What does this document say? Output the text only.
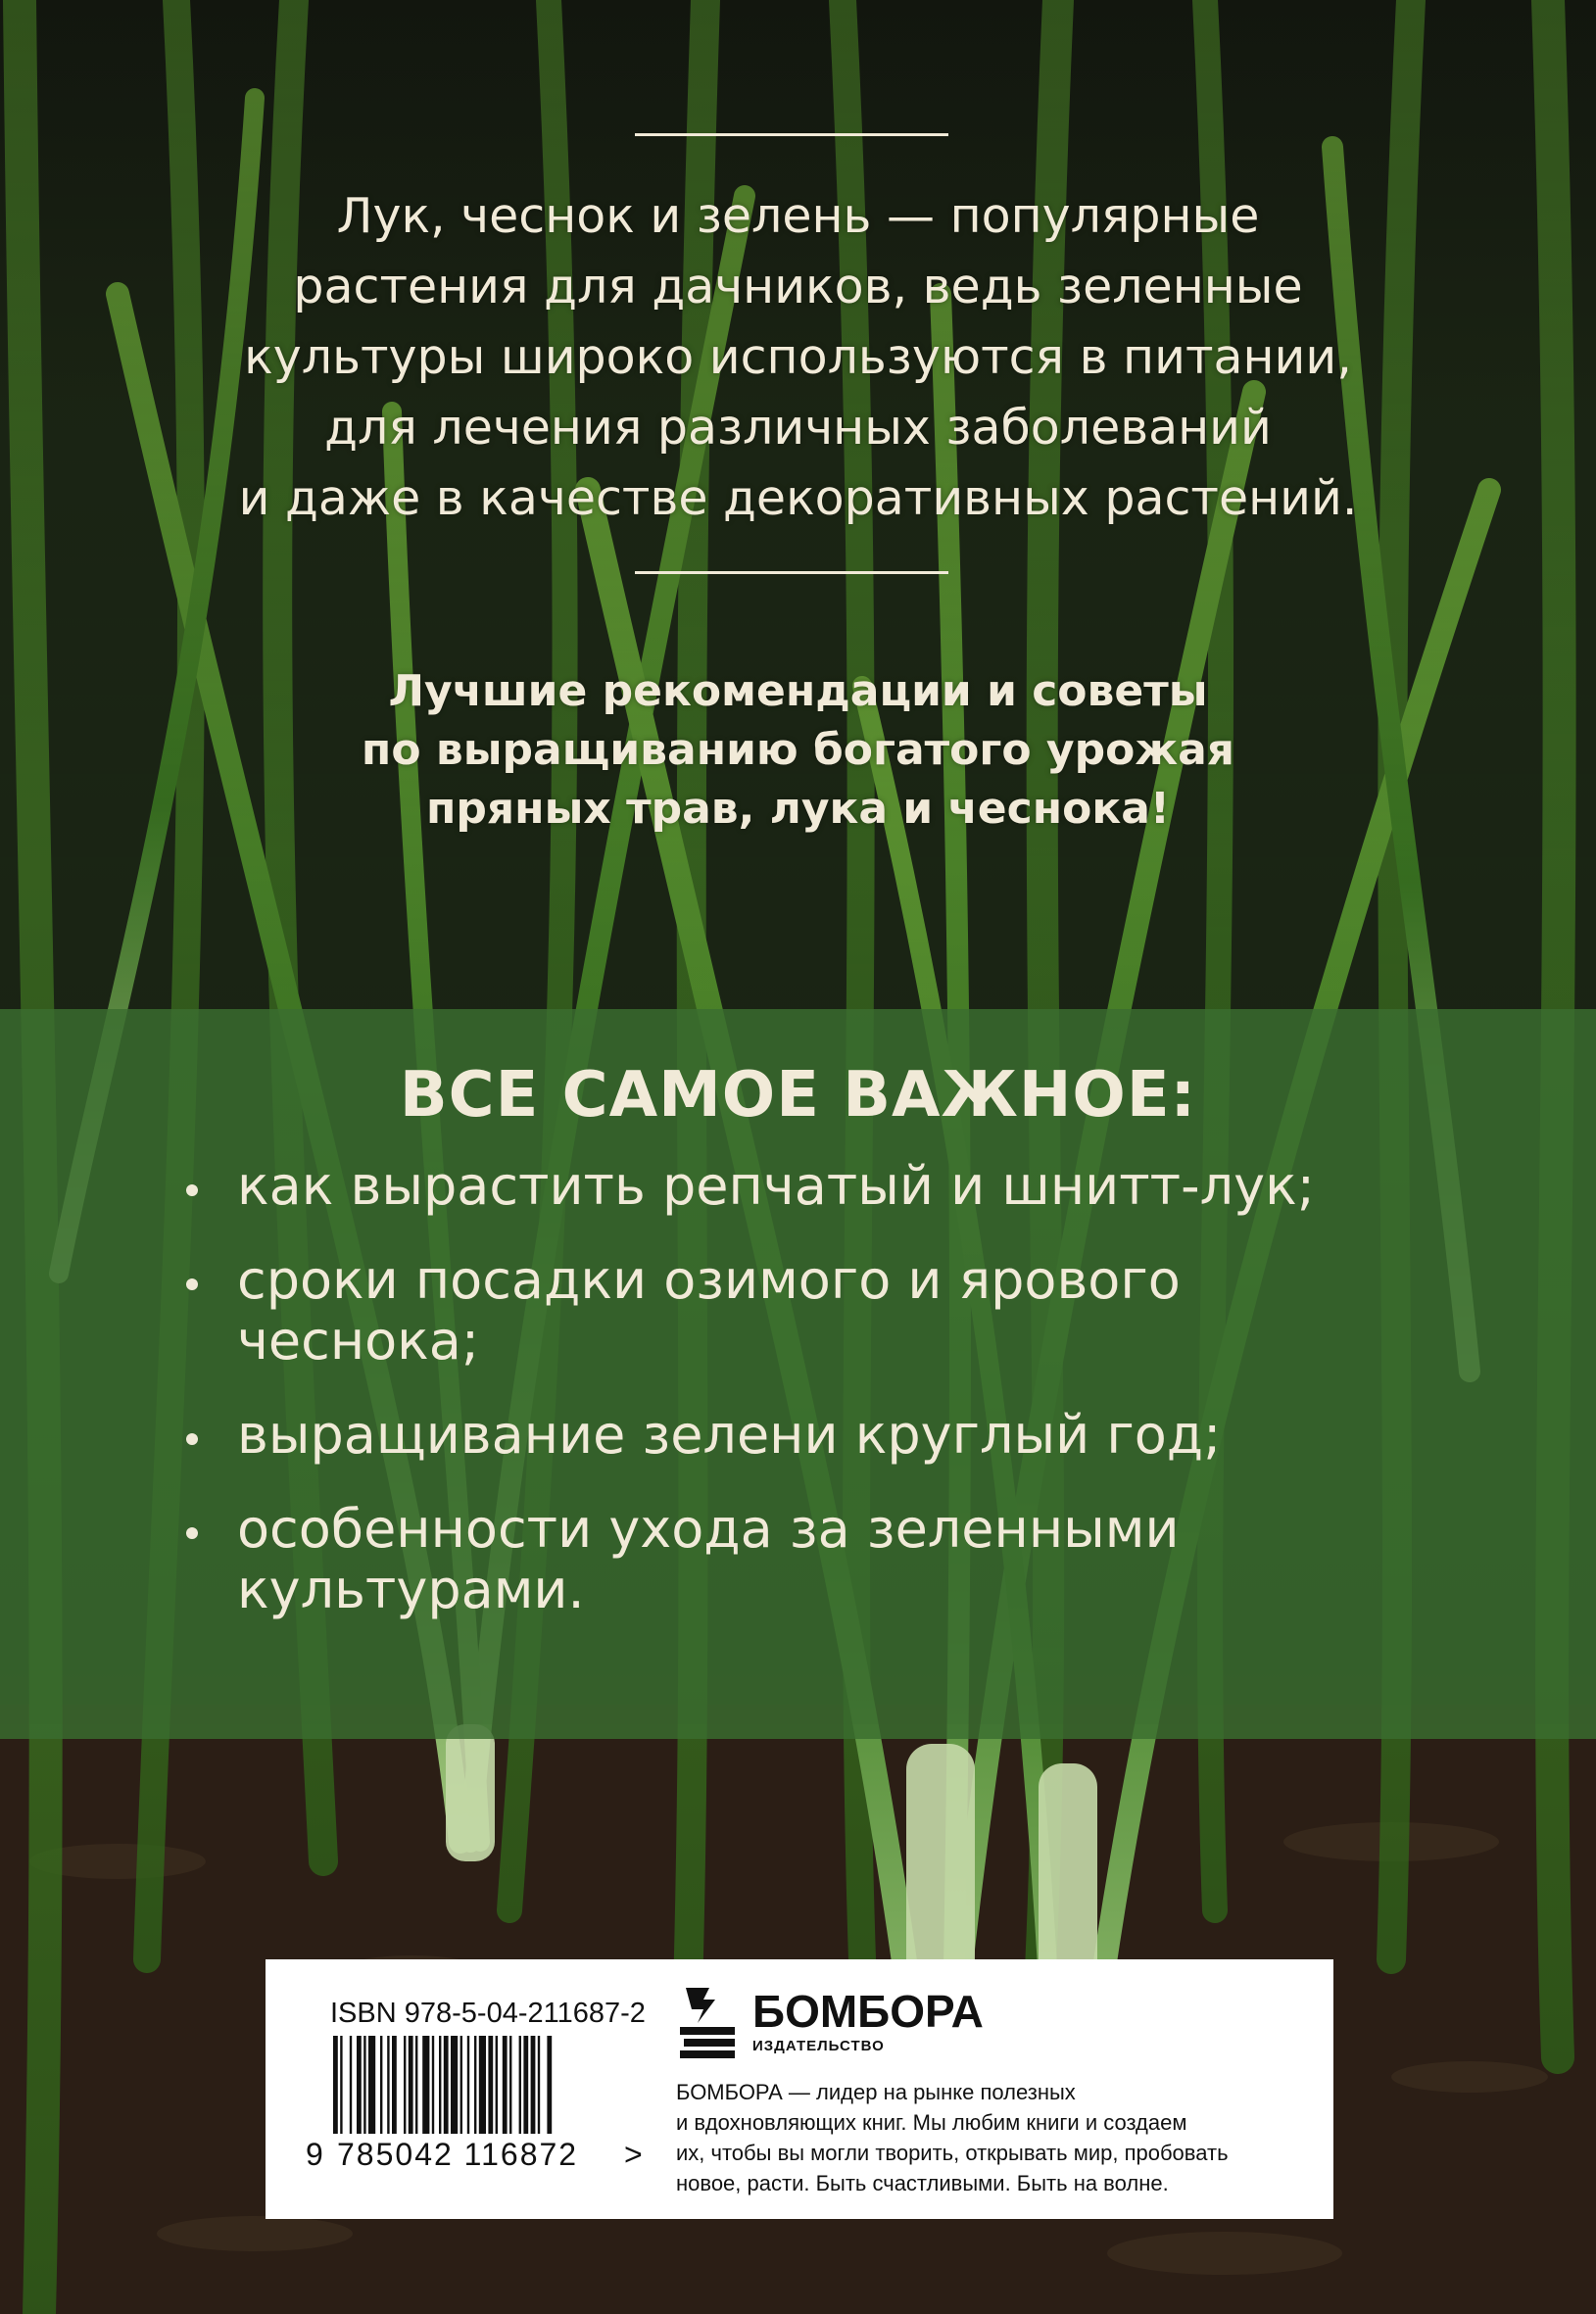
Лук, чеснок и зелень — популярные
растения для дачников, ведь зеленные
культуры широко используются в питании,
для лечения различных заболеваний
и даже в качестве декоративных растений.

Лучшие рекомендации и советы
по выращиванию богатого урожая
пряных трав, лука и чеснока!

ВСЕ САМОЕ ВАЖНОЕ:
как вырастить репчатый и шнитт-лук;
сроки посадки озимого и ярового
чеснока;
выращивание зелени круглый год;
особенности ухода за зеленными
культурами.
ISBN 978-5-04-211687-2
9 785042 116872 >
БОМБОРА
ИЗДАТЕЛЬСТВО

БОМБОРА — лидер на рынке полезных
и вдохновляющих книг. Мы любим книги и создаем
их, чтобы вы могли творить, открывать мир, пробовать
новое, расти. Быть счастливыми. Быть на волне.
